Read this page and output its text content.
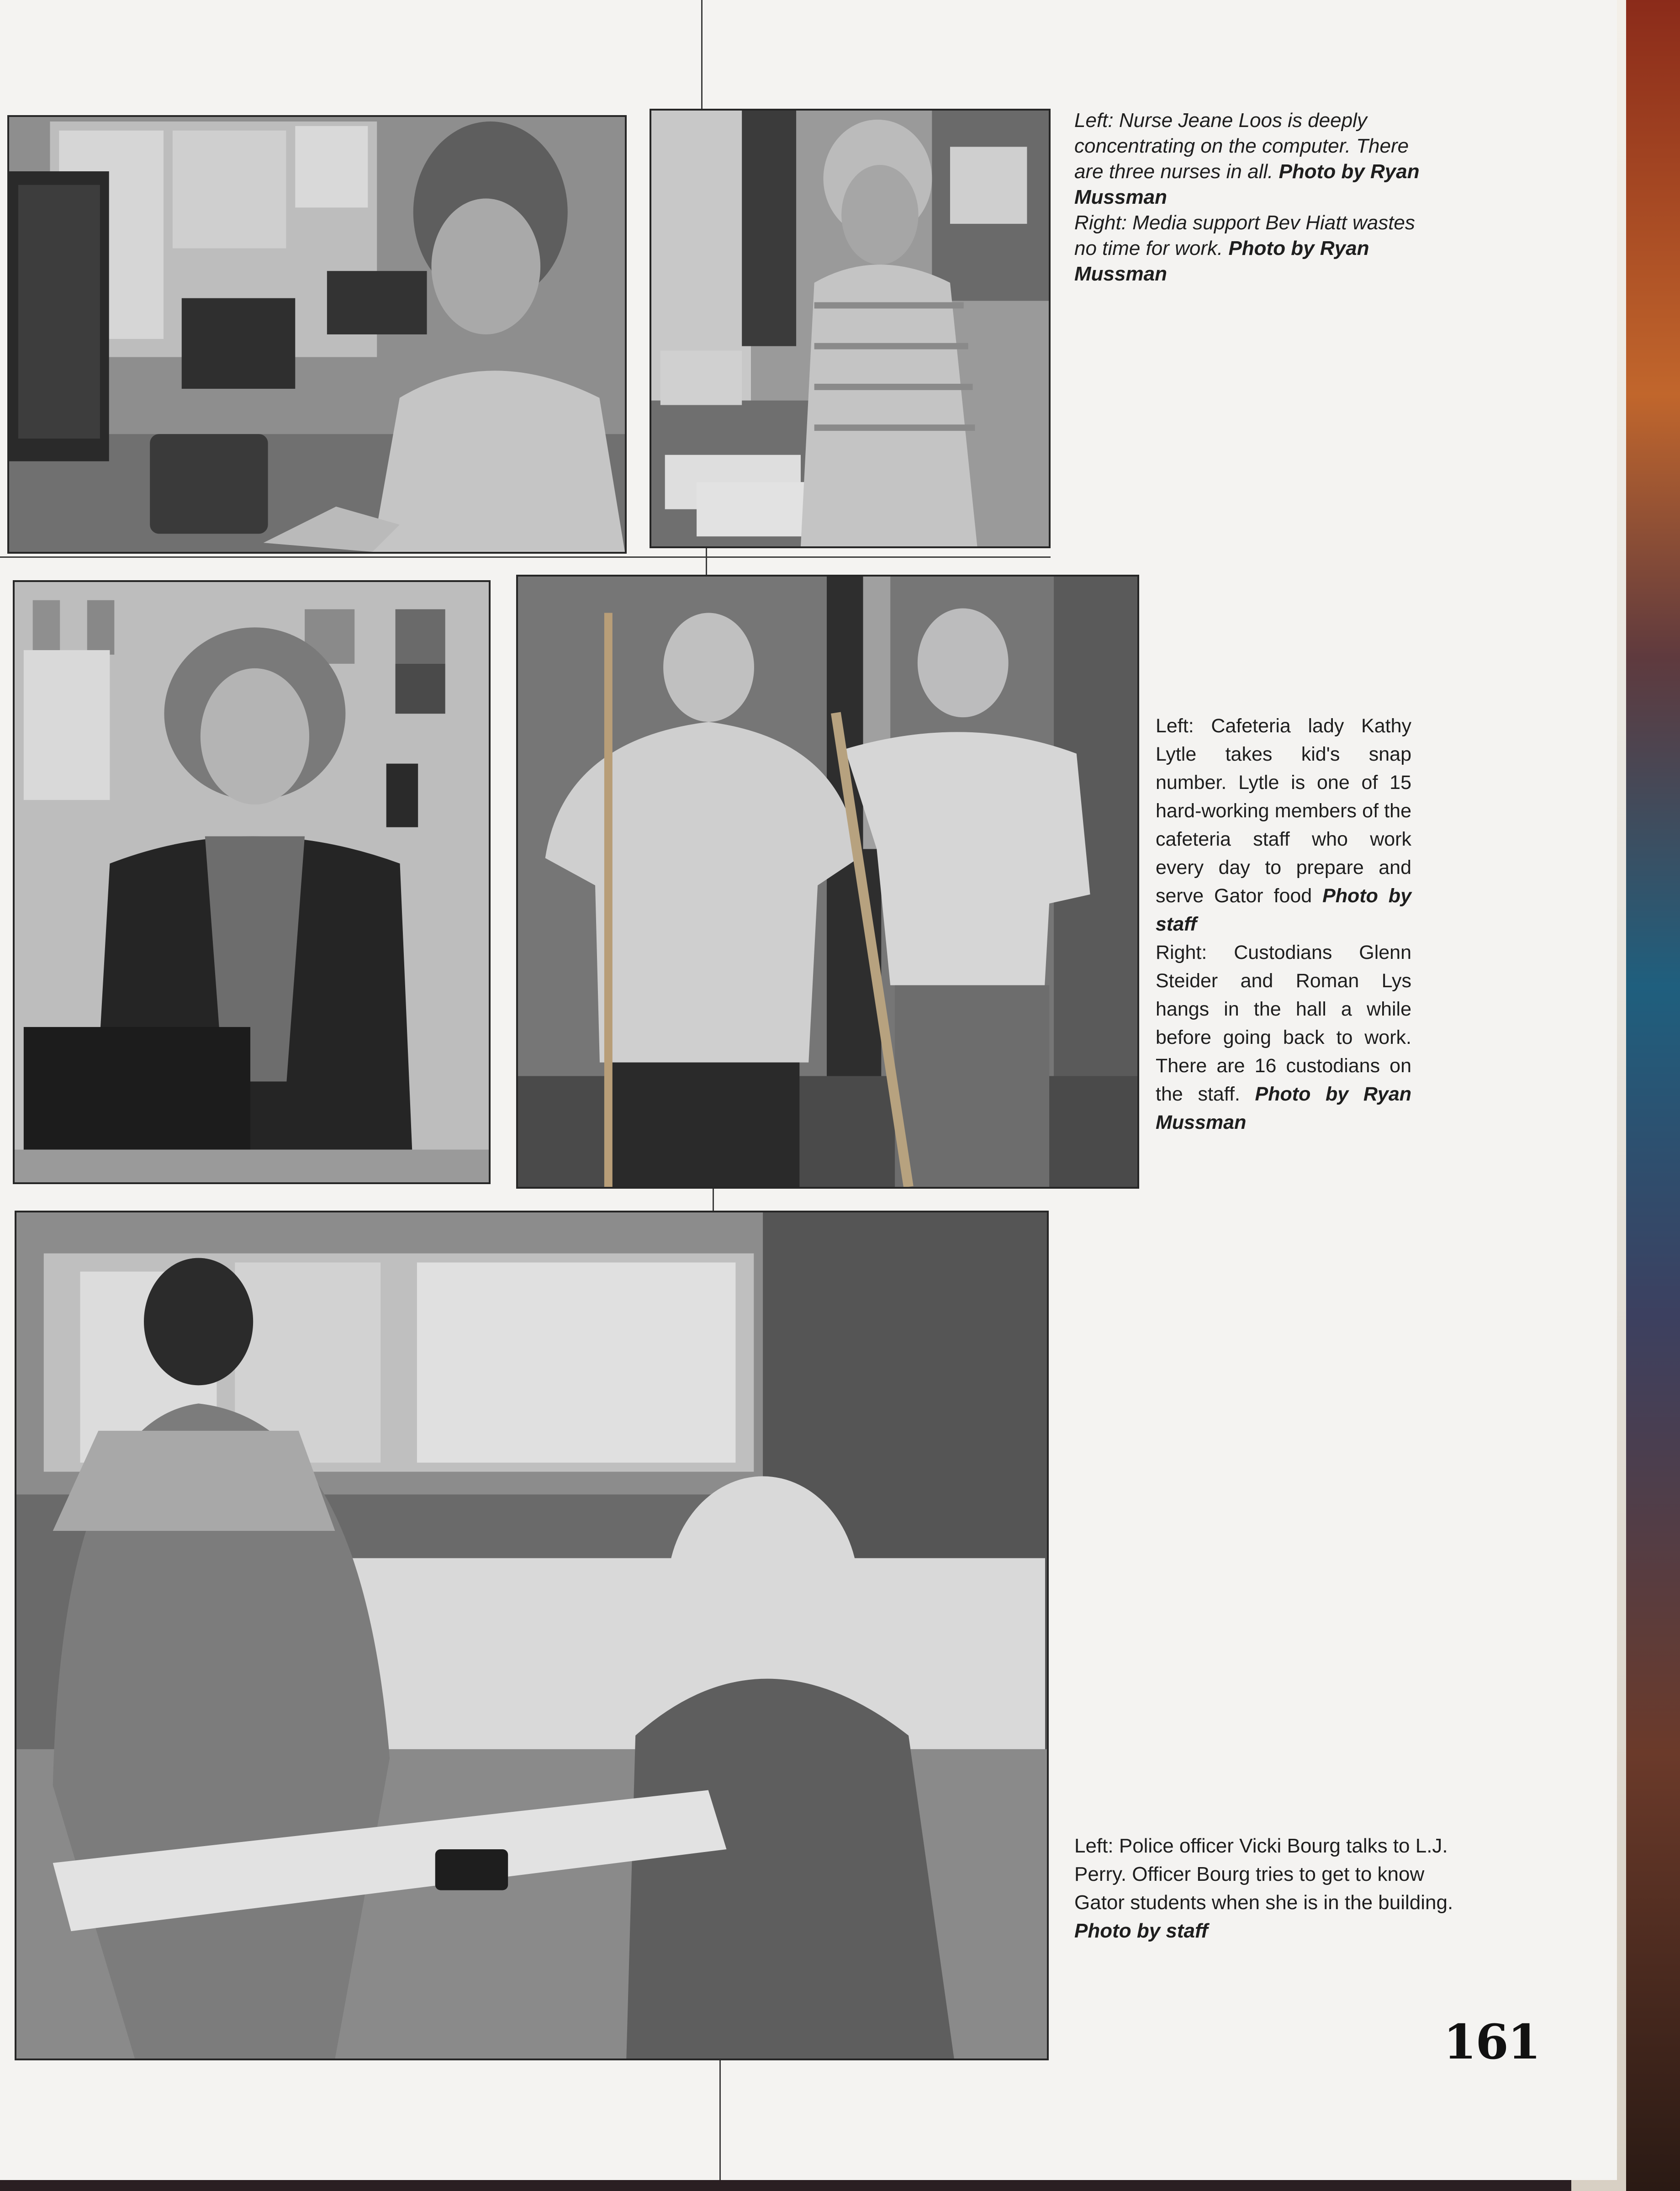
Left: Nurse Jeane Loos is deeply concentrating on the computer. There are three nurses in all. Photo by Ryan Mussman
Right: Media support Bev Hiatt wastes no time for work. Photo by Ryan Mussman
Left: Cafeteria lady Kathy Lytle takes kid's snap number. Lytle is one of 15 hard-working members of the cafeteria staff who work every day to prepare and serve Gator food Photo by staff
Right: Custodians Glenn Steider and Roman Lys hangs in the hall a while before going back to work. There are 16 custodians on the staff. Photo by Ryan Mussman
Left: Police officer Vicki Bourg talks to L.J. Perry. Officer Bourg tries to get to know Gator students when she is in the building. Photo by staff
161
